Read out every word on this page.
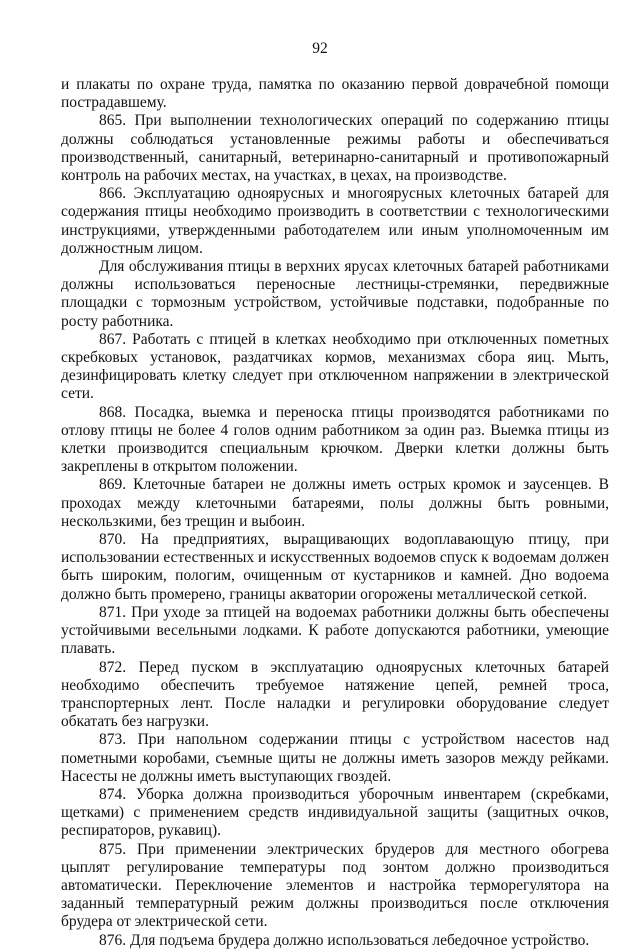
92

и плакаты по охране труда, памятка по оказанию первой доврачебной помощи пострадавшему.

865. При выполнении технологических операций по содержанию птицы должны соблюдаться установленные режимы работы и обеспечиваться производственный, санитарный, ветеринарно-санитарный и противопожарный контроль на рабочих местах, на участках, в цехах, на производстве.

866. Эксплуатацию одноярусных и многоярусных клеточных батарей для содержания птицы необходимо производить в соответствии с технологическими инструкциями, утвержденными работодателем или иным уполномоченным им должностным лицом.

Для обслуживания птицы в верхних ярусах клеточных батарей работниками должны использоваться переносные лестницы-стремянки, передвижные площадки с тормозным устройством, устойчивые подставки, подобранные по росту работника.

867. Работать с птицей в клетках необходимо при отключенных пометных скребковых установок, раздатчиках кормов, механизмах сбора яиц. Мыть, дезинфицировать клетку следует при отключенном напряжении в электрической сети.

868. Посадка, выемка и переноска птицы производятся работниками по отлову птицы не более 4 голов одним работником за один раз. Выемка птицы из клетки производится специальным крючком. Дверки клетки должны быть закреплены в открытом положении.

869. Клеточные батареи не должны иметь острых кромок и заусенцев. В проходах между клеточными батареями, полы должны быть ровными, нескользкими, без трещин и выбоин.

870. На предприятиях, выращивающих водоплавающую птицу, при использовании естественных и искусственных водоемов спуск к водоемам должен быть широким, пологим, очищенным от кустарников и камней. Дно водоема должно быть промерено, границы акватории огорожены металлической сеткой.

871. При уходе за птицей на водоемах работники должны быть обеспечены устойчивыми весельными лодками. К работе допускаются работники, умеющие плавать.

872. Перед пуском в эксплуатацию одноярусных клеточных батарей необходимо обеспечить требуемое натяжение цепей, ремней троса, транспортерных лент. После наладки и регулировки оборудование следует обкатать без нагрузки.

873. При напольном содержании птицы с устройством насестов над пометными коробами, съемные щиты не должны иметь зазоров между рейками. Насесты не должны иметь выступающих гвоздей.

874. Уборка должна производиться уборочным инвентарем (скребками, щетками) с применением средств индивидуальной защиты (защитных очков, респираторов, рукавиц).

875. При применении электрических брудеров для местного обогрева цыплят регулирование температуры под зонтом должно производиться автоматически. Переключение элементов и настройка терморегулятора на заданный температурный режим должны производиться после отключения брудера от электрической сети.

876. Для подъема брудера должно использоваться лебедочное устройство.
